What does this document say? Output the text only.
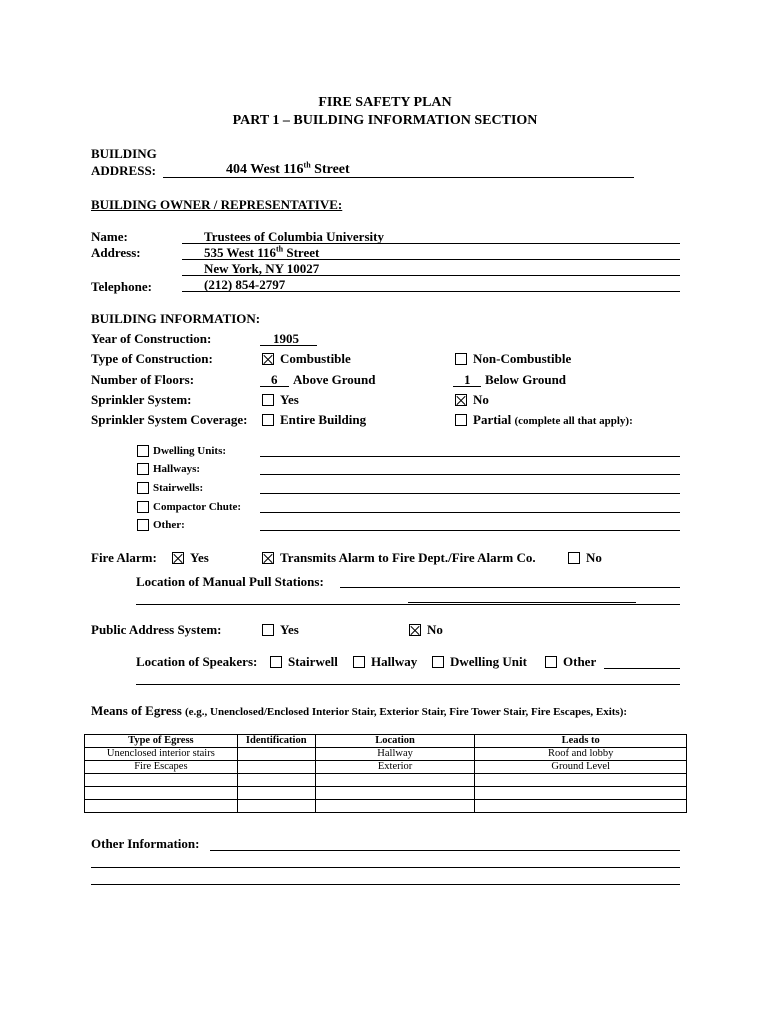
FIRE SAFETY PLAN
PART 1 – BUILDING INFORMATION SECTION
BUILDING
ADDRESS:	404 West 116th Street
BUILDING OWNER / REPRESENTATIVE:
Name:	Trustees of Columbia University
Address:	535 West 116th Street
New York, NY 10027
Telephone:	(212) 854-2797
BUILDING INFORMATION:
Year of Construction:	1905
Type of Construction:	Combustible	Non-Combustible
Number of Floors:	6 Above Ground	1 Below Ground
Sprinkler System:	Yes	No
Sprinkler System Coverage:	Entire Building	Partial (complete all that apply):
Dwelling Units:
Hallways:
Stairwells:
Compactor Chute:
Other:
Fire Alarm:	Yes	Transmits Alarm to Fire Dept./Fire Alarm Co.	No
Location of Manual Pull Stations:
Public Address System:	Yes	No
Location of Speakers: Stairwell	Hallway	Dwelling Unit	Other
Means of Egress (e.g., Unenclosed/Enclosed Interior Stair, Exterior Stair, Fire Tower Stair, Fire Escapes, Exits):
Type of Egress	Identification	Location	Leads to
Unenclosed interior stairs		Hallway	Roof and lobby
Fire Escapes		Exterior	Ground Level

Other Information:
